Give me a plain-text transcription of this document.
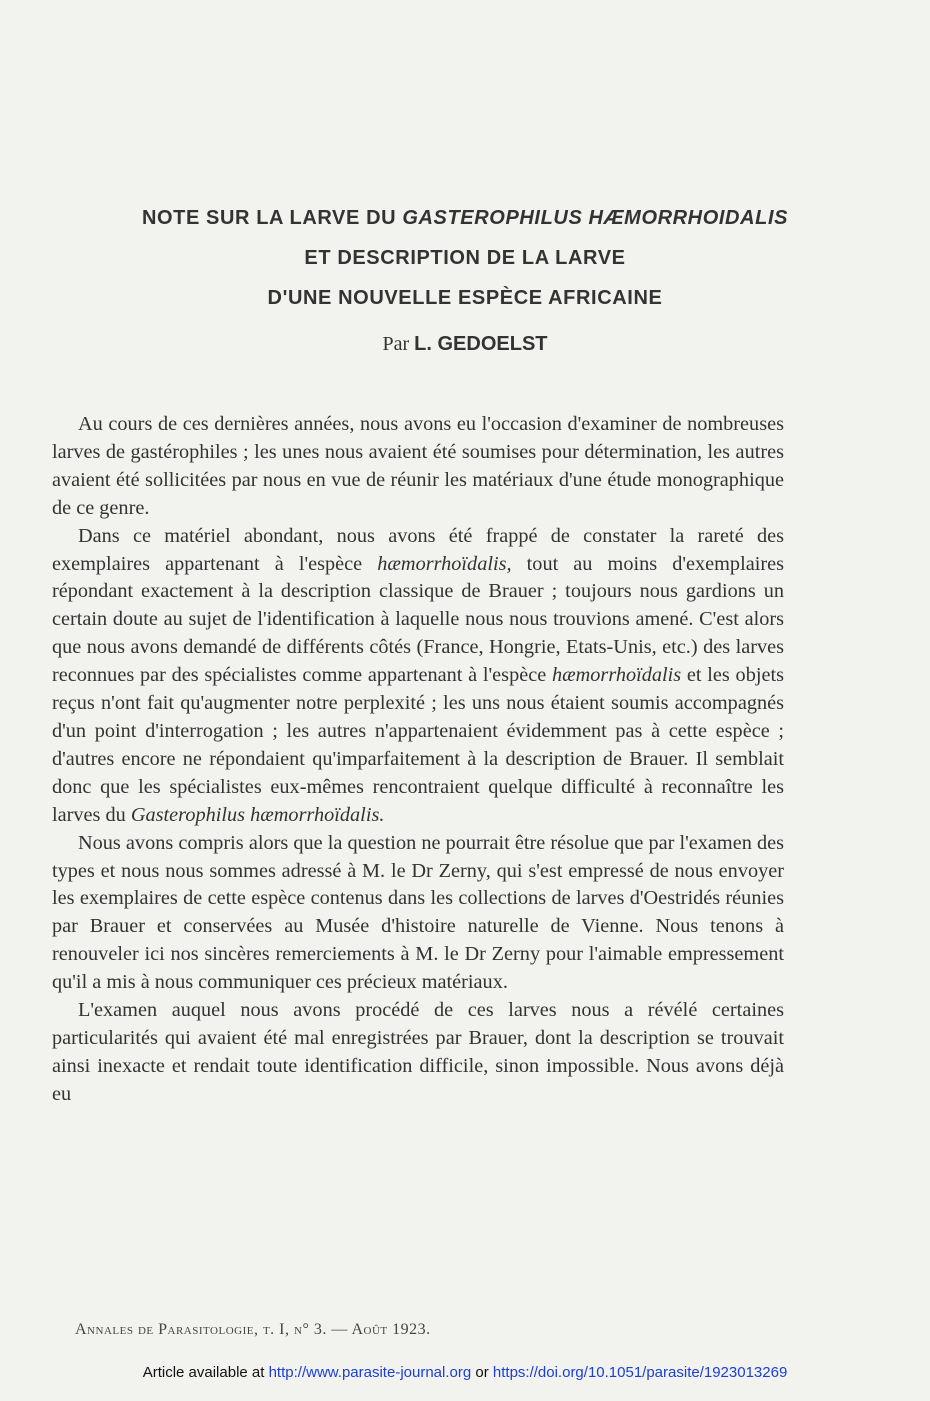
NOTE SUR LA LARVE DU GASTEROPHILUS HÆMORRHOIDALIS
ET DESCRIPTION DE LA LARVE
D'UNE NOUVELLE ESPÈCE AFRICAINE
Par L. GEDOELST

Au cours de ces dernières années, nous avons eu l'occasion d'examiner de nombreuses larves de gastérophiles ; les unes nous avaient été soumises pour détermination, les autres avaient été sollicitées par nous en vue de réunir les matériaux d'une étude monographique de ce genre.

Dans ce matériel abondant, nous avons été frappé de constater la rareté des exemplaires appartenant à l'espèce hæmorrhoïdalis, tout au moins d'exemplaires répondant exactement à la description classique de Brauer ; toujours nous gardions un certain doute au sujet de l'identification à laquelle nous nous trouvions amené. C'est alors que nous avons demandé de différents côtés (France, Hongrie, Etats-Unis, etc.) des larves reconnues par des spécialistes comme appartenant à l'espèce hæmorrhoïdalis et les objets reçus n'ont fait qu'augmenter notre perplexité ; les uns nous étaient soumis accompagnés d'un point d'interrogation ; les autres n'appartenaient évidemment pas à cette espèce ; d'autres encore ne répondaient qu'imparfaitement à la description de Brauer. Il semblait donc que les spécialistes eux-mêmes rencontraient quelque difficulté à reconnaître les larves du Gasterophilus hæmorrhoïdalis.

Nous avons compris alors que la question ne pourrait être résolue que par l'examen des types et nous nous sommes adressé à M. le Dr Zerny, qui s'est empressé de nous envoyer les exemplaires de cette espèce contenus dans les collections de larves d'Oestridés réunies par Brauer et conservées au Musée d'histoire naturelle de Vienne. Nous tenons à renouveler ici nos sincères remerciements à M. le Dr Zerny pour l'aimable empressement qu'il a mis à nous communiquer ces précieux matériaux.

L'examen auquel nous avons procédé de ces larves nous a révélé certaines particularités qui avaient été mal enregistrées par Brauer, dont la description se trouvait ainsi inexacte et rendait toute identification difficile, sinon impossible. Nous avons déjà eu

Annales de Parasitologie, t. I, n° 3. — Août 1923.
Article available at http://www.parasite-journal.org or https://doi.org/10.1051/parasite/1923013269
